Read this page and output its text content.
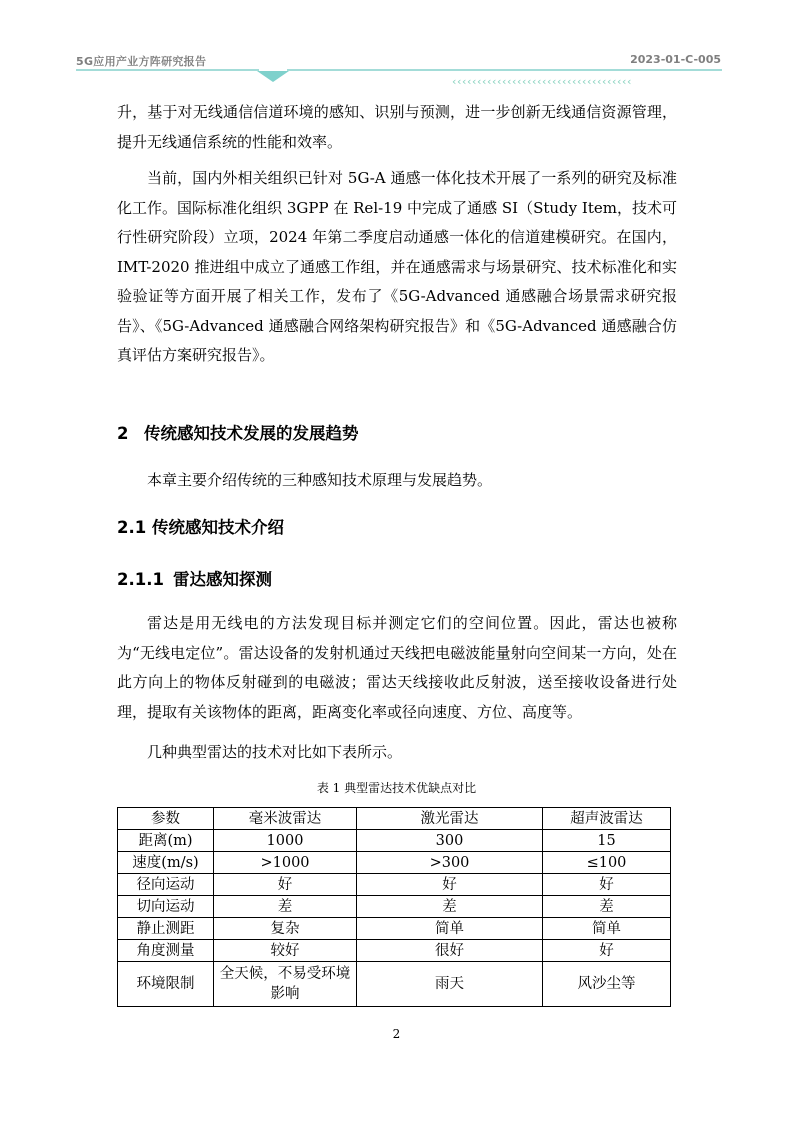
5G应用产业方阵研究报告	2023-01-C-005
‹‹‹‹‹‹‹‹‹‹‹‹‹‹‹‹‹‹‹‹‹‹‹‹‹‹‹‹‹‹‹‹‹‹‹‹
升，基于对无线通信信道环境的感知、识别与预测，进一步创新无线通信资源管理，提升无线通信系统的性能和效率。
当前，国内外相关组织已针对 5G-A 通感一体化技术开展了一系列的研究及标准化工作。国际标准化组织 3GPP 在 Rel-19 中完成了通感 SI（Study Item，技术可行性研究阶段）立项，2024 年第二季度启动通感一体化的信道建模研究。在国内，IMT-2020 推进组中成立了通感工作组，并在通感需求与场景研究、技术标准化和实验验证等方面开展了相关工作，发布了《5G-Advanced 通感融合场景需求研究报告》、《5G-Advanced 通感融合网络架构研究报告》和《5G-Advanced 通感融合仿真评估方案研究报告》。
2 传统感知技术发展的发展趋势
本章主要介绍传统的三种感知技术原理与发展趋势。
2.1 传统感知技术介绍
2.1.1 雷达感知探测
雷达是用无线电的方法发现目标并测定它们的空间位置。因此，雷达也被称为“无线电定位”。雷达设备的发射机通过天线把电磁波能量射向空间某一方向，处在此方向上的物体反射碰到的电磁波；雷达天线接收此反射波，送至接收设备进行处理，提取有关该物体的距离，距离变化率或径向速度、方位、高度等。
几种典型雷达的技术对比如下表所示。
表 1 典型雷达技术优缺点对比
参数	毫米波雷达	激光雷达	超声波雷达
距离(m)	1000	300	15
速度(m/s)	>1000	>300	≤100
径向运动	好	好	好
切向运动	差	差	差
静止测距	复杂	简单	简单
角度测量	较好	很好	好
环境限制	全天候，不易受环境影响	雨天	风沙尘等
2
